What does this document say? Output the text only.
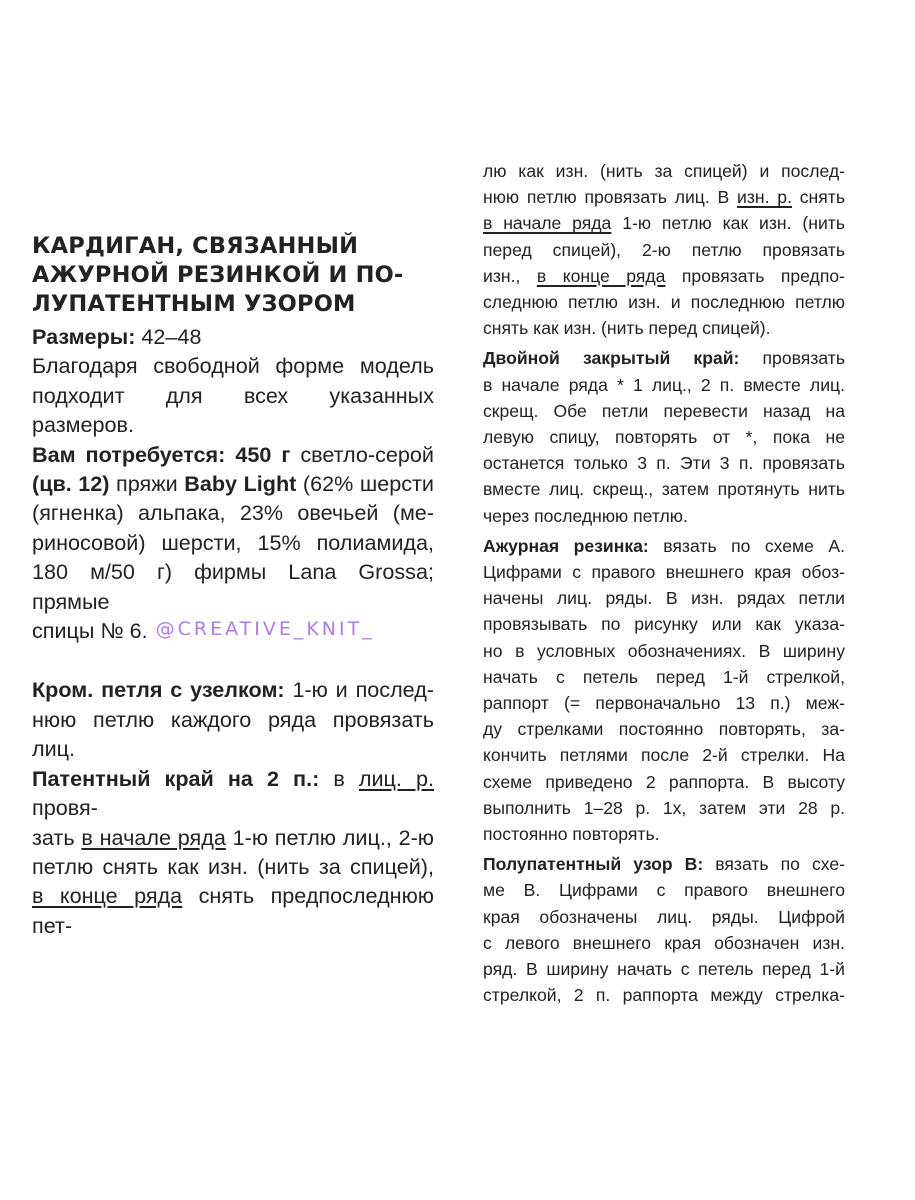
КАРДИГАН, СВЯЗАННЫЙ
АЖУРНОЙ РЕЗИНКОЙ И ПО-
ЛУПАТЕНТНЫМ УЗОРОМ

Размеры: 42–48

Благодаря свободной форме модель
подходит для всех указанных размеров.

Вам потребуется: 450 г светло-серой
(цв. 12) пряжи Baby Light (62% шерсти
(ягненка) альпака, 23% овечьей (ме-
риносовой) шерсти, 15% полиамида,
180 м/50 г) фирмы Lana Grossa; прямые
спицы № 6. @CREATIVE_KNIT_

Кром. петля с узелком: 1-ю и послед-
нюю петлю каждого ряда провязать лиц.

Патентный край на 2 п.: в лиц. р. провя-
зать в начале ряда 1-ю петлю лиц., 2-ю
петлю снять как изн. (нить за спицей),
в конце ряда снять предпоследнюю пет-

лю как изн. (нить за спицей) и послед-
нюю петлю провязать лиц. В изн. р. снять
в начале ряда 1-ю петлю как изн. (нить
перед спицей), 2-ю петлю провязать
изн., в конце ряда провязать предпо-
следнюю петлю изн. и последнюю петлю
снять как изн. (нить перед спицей).

Двойной закрытый край: провязать
в начале ряда * 1 лиц., 2 п. вместе лиц.
скрещ. Обе петли перевести назад на
левую спицу, повторять от *, пока не
останется только 3 п. Эти 3 п. провязать
вместе лиц. скрещ., затем протянуть нить
через последнюю петлю.

Ажурная резинка: вязать по схеме А.
Цифрами с правого внешнего края обоз-
начены лиц. ряды. В изн. рядах петли
провязывать по рисунку или как указа-
но в условных обозначениях. В ширину
начать с петель перед 1-й стрелкой,
раппорт (= первоначально 13 п.) меж-
ду стрелками постоянно повторять, за-
кончить петлями после 2-й стрелки. На
схеме приведено 2 раппорта. В высоту
выполнить 1–28 р. 1х, затем эти 28 р.
постоянно повторять.

Полупатентный узор В: вязать по схе-
ме В. Цифрами с правого внешнего
края обозначены лиц. ряды. Цифрой
с левого внешнего края обозначен изн.
ряд. В ширину начать с петель перед 1-й
стрелкой, 2 п. раппорта между стрелка-
